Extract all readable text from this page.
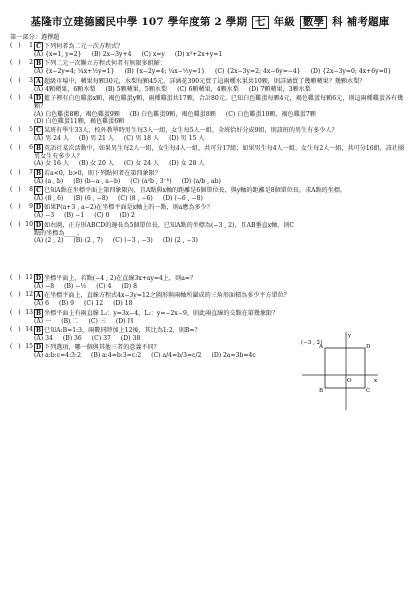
基隆市立建德國民中學 107 學年度第 2 學期 七 年級 數學 科 補考題庫
第一部分：選擇題
(   )	1 C 下列何者為二元一次方程式？
(A) {x=1, y=2} (B) 2x−3y+4 (C) x=y (D) x²+2x+y=1
(   )	2 B 下列二元一次聯立方程式何者有無限多組解：
(A) {x−2y=4; ¼x+½y=1} (B) {x−2y=4; ¼x−½y=1} (C) {2x−3y=2; 4x−6y=−4} (D) {2x−3y=0; 4x+6y=0}
(   )	3 A 超級市場中，蘋果每顆30元，水梨每顆45元，詳涵花390元買了這兩種水果共10顆，則詳涵買了幾顆蘋果？幾顆水梨？
(A) 4顆蘋果，6顆水梨 (B) 5顆蘋果，5顆水梨 (C) 6顆蘋果，4顆水梨 (D) 7顆蘋果，3顆水梨
(   )	4 D 籃子裡有白色雞蛋x顆，褐色雞蛋y顆，兩種雞蛋共17顆，合計80元。已知白色雞蛋每顆4元，褐色雞蛋每顆6元，則這兩種雞蛋各有幾顆？
(A) 白色雞蛋8顆，褐色雞蛋9顆 (B) 白色雞蛋9顆，褐色雞蛋8顆 (C) 白色雞蛋10顆，褐色雞蛋7顆
(D) 白色雞蛋11顆，褐色雞蛋6顆
(   )	5 C 某班有學生33人，校外教學時男生每3人一組，女生每5人一組，全班恰好分成9組，則該班的男生有多少人？
(A) 男 24 人 (B) 男 21 人 (C) 男 18 人 (D) 男 15 人
(   )	6 B 英語社某次活動中，如果男生每2人一組，女生每4人一組，共可分17組；如果男生每4人一組，女生每2人一組，共可分16組，該社團男女生有多少人？
(A) 女 16 人 (B) 女 20 人 (C) 女 24 人 (D) 女 28 人
(   )	7 B 若a<0，b>0，則下列點何者在第四象限？
(A) (a , b) (B) (b−a , a−b) (C) (a³b , 3⁻ᵇ) (D) (a/b , ab)
(   )	8 C 已知A點在坐標平面上第四象限內，且A點與x軸的距離是6個單位長，與y軸的距離是8個單位長，求A點的坐標。
(A) (8 , 6) (B) (6 , −8) (C) (8 , −6) (D) (−6 , −8)
(   )	9 D 如果P(a+3 , a−2)在坐標平面是x軸上的一點，則a應為多少？
(A) −3 (B) −1 (C) 0 (D) 2
(   ) 10 D 如右圖，正方形ABCD的邊長為5個單位長，已知A點的坐標為(−3 , 2)，且AB垂直x軸，則C點的坐標為____。
(A) (2 , 2) (B) (2 , 7) (C) (−3 , −3) (D) (2 , −3)
(   ) 11 D 坐標平面上，若點(−4 , 2)在直線3x+ay=4上，則a=？
(A) −8 (B) −½ (C) 4 (D) 8
(   ) 12 A 在坐標平面上，直線方程式4x−3y=12之圖形與兩軸所圍成的三角形面積為多少平方單位？
(A) 6 (B) 9 (C) 12 (D) 18
(   ) 13 B 坐標平面上有兩直線 L₁：y=3x−4，L₂：y=−2x−9，則此兩直線的交點在第幾象限？
(A) 一 (B) 二 (C) 三 (D) 四
(   ) 14 B 已知A:B=1:3，兩數同時加上12後，其比為1:2，則B=？
(A) 34 (B) 36 (C) 37 (D) 38
(   ) 15 D 下列選項，哪一個與其他三者的意義不同？
(A) a:b:c=4:3:2 (B) a:4=b:3=c:2 (C) a/4=b/3=c/2 (D) 2a=3b=4c
(−3 , 2)
A
B	C
D
O	x
y
